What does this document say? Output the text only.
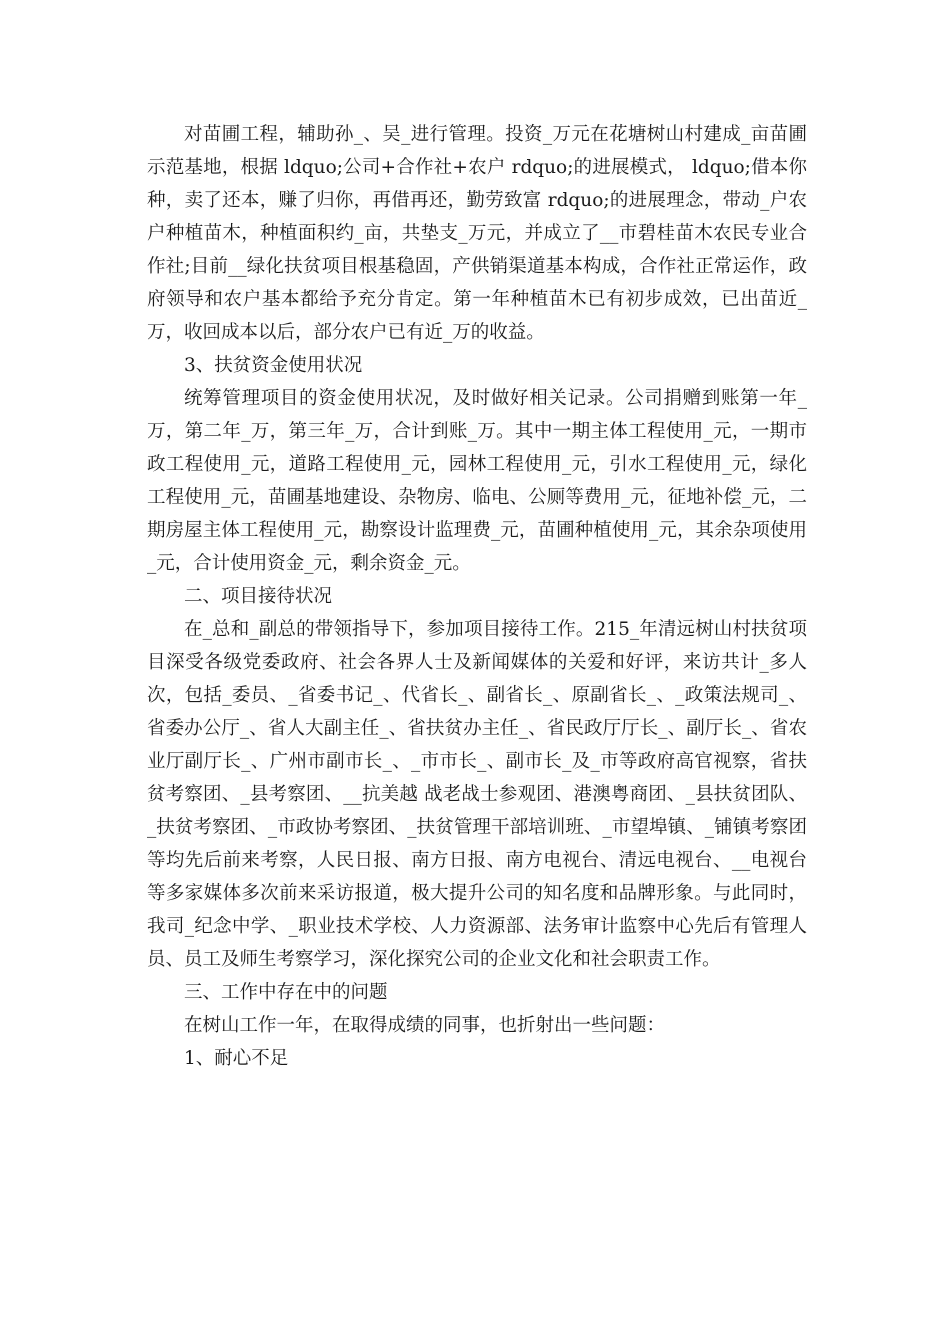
对苗圃工程，辅助孙_、吴_进行管理。投资_万元在花塘树山村建成_亩苗圃示范基地，根据 ldquo;公司+合作社+农户 rdquo;的进展模式， ldquo;借本你种，卖了还本，赚了归你，再借再还，勤劳致富 rdquo;的进展理念，带动_户农户种植苗木，种植面积约_亩，共垫支_万元，并成立了__市碧桂苗木农民专业合作社;目前__绿化扶贫项目根基稳固，产供销渠道基本构成，合作社正常运作，政府领导和农户基本都给予充分肯定。第一年种植苗木已有初步成效，已出苗近_万，收回成本以后，部分农户已有近_万的收益。

3、扶贫资金使用状况

统筹管理项目的资金使用状况，及时做好相关记录。公司捐赠到账第一年_万，第二年_万，第三年_万，合计到账_万。其中一期主体工程使用_元，一期市政工程使用_元，道路工程使用_元，园林工程使用_元，引水工程使用_元，绿化工程使用_元，苗圃基地建设、杂物房、临电、公厕等费用_元，征地补偿_元，二期房屋主体工程使用_元，勘察设计监理费_元，苗圃种植使用_元，其余杂项使用_元，合计使用资金_元，剩余资金_元。

二、项目接待状况

在_总和_副总的带领指导下，参加项目接待工作。215_年清远树山村扶贫项目深受各级党委政府、社会各界人士及新闻媒体的关爱和好评，来访共计_多人次，包括_委员、_省委书记_、代省长_、副省长_、原副省长_、_政策法规司_、省委办公厅_、省人大副主任_、省扶贫办主任_、省民政厅厅长_、副厅长_、省农业厅副厅长_、广州市副市长_、_市市长_、副市长_及_市等政府高官视察，省扶贫考察团、_县考察团、__抗美越 战老战士参观团、港澳粤商团、_县扶贫团队、_扶贫考察团、_市政协考察团、_扶贫管理干部培训班、_市望埠镇、_铺镇考察团等均先后前来考察，人民日报、南方日报、南方电视台、清远电视台、__电视台等多家媒体多次前来采访报道，极大提升公司的知名度和品牌形象。与此同时，我司_纪念中学、_职业技术学校、人力资源部、法务审计监察中心先后有管理人员、员工及师生考察学习，深化探究公司的企业文化和社会职责工作。

三、工作中存在中的问题

在树山工作一年，在取得成绩的同事，也折射出一些问题：

1、耐心不足
